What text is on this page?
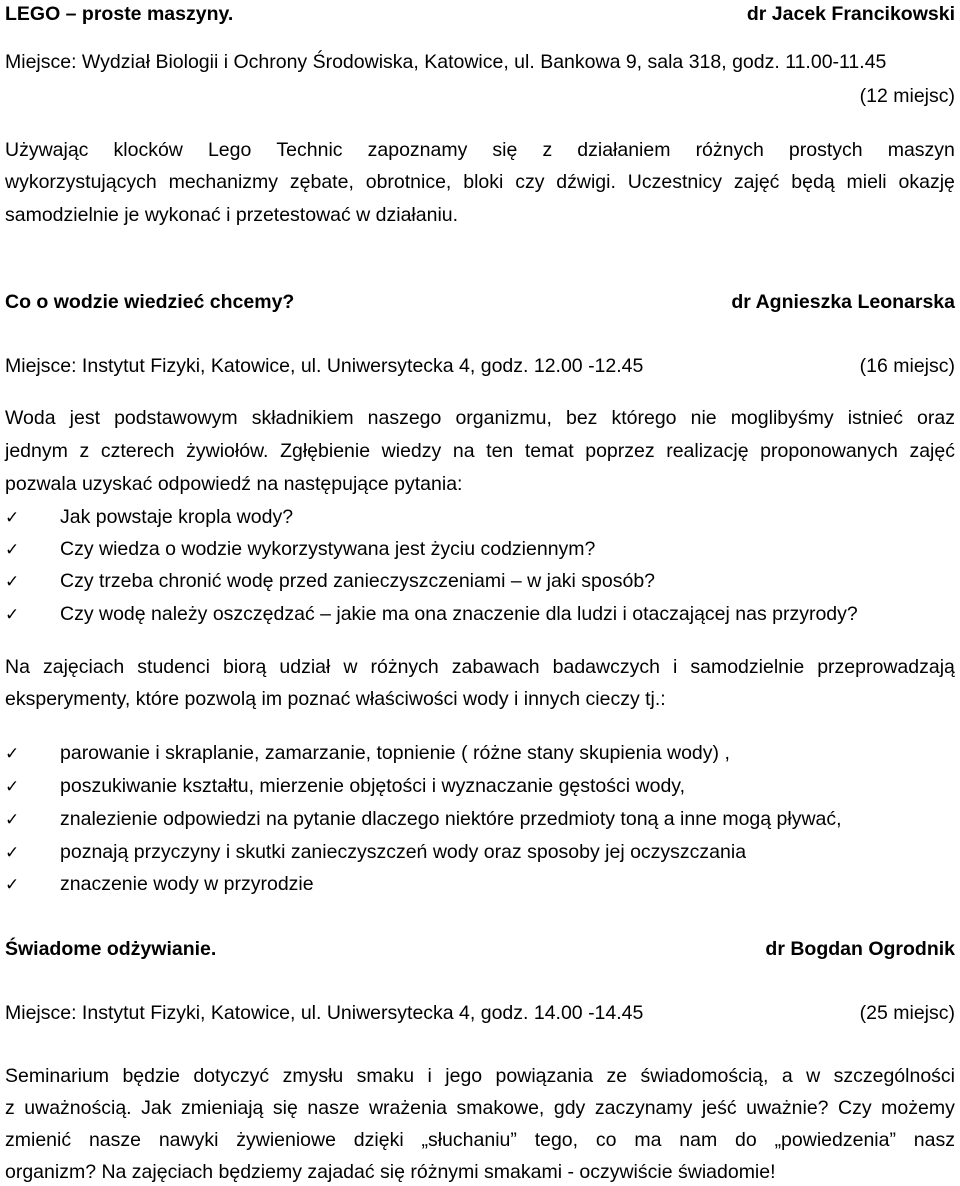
LEGO – proste maszyny.	dr Jacek Francikowski
Miejsce: Wydział Biologii i Ochrony Środowiska, Katowice, ul. Bankowa 9, sala 318, godz. 11.00-11.45
(12 miejsc)
Używając klocków Lego Technic zapoznamy się z działaniem różnych prostych maszyn
wykorzystujących mechanizmy zębate, obrotnice, bloki czy dźwigi. Uczestnicy zajęć będą mieli okazję
samodzielnie je wykonać i przetestować w działaniu.
Co o wodzie wiedzieć chcemy?	dr Agnieszka Leonarska
Miejsce: Instytut Fizyki, Katowice, ul. Uniwersytecka 4, godz. 12.00 -12.45	(16 miejsc)
Woda jest podstawowym składnikiem naszego organizmu, bez którego nie moglibyśmy istnieć oraz
jednym z czterech żywiołów. Zgłębienie wiedzy na ten temat poprzez realizację proponowanych zajęć
pozwala uzyskać odpowiedź na następujące pytania:
✓ Jak powstaje kropla wody?
✓ Czy wiedza o wodzie wykorzystywana jest życiu codziennym?
✓ Czy trzeba chronić wodę przed zanieczyszczeniami – w jaki sposób?
✓ Czy wodę należy oszczędzać – jakie ma ona znaczenie dla ludzi i otaczającej nas przyrody?
Na zajęciach studenci biorą udział w różnych zabawach badawczych i samodzielnie przeprowadzają
eksperymenty, które pozwolą im poznać właściwości wody i innych cieczy tj.:
✓ parowanie i skraplanie, zamarzanie, topnienie ( różne stany skupienia wody) ,
✓ poszukiwanie kształtu, mierzenie objętości i wyznaczanie gęstości wody,
✓ znalezienie odpowiedzi na pytanie dlaczego niektóre przedmioty toną a inne mogą pływać,
✓ poznają przyczyny i skutki zanieczyszczeń wody oraz sposoby jej oczyszczania
✓ znaczenie wody w przyrodzie
Świadome odżywianie.	dr Bogdan Ogrodnik
Miejsce: Instytut Fizyki, Katowice, ul. Uniwersytecka 4, godz. 14.00 -14.45	(25 miejsc)
Seminarium będzie dotyczyć zmysłu smaku i jego powiązania ze świadomością, a w szczególności
z uważnością. Jak zmieniają się nasze wrażenia smakowe, gdy zaczynamy jeść uważnie? Czy możemy
zmienić nasze nawyki żywieniowe dzięki „słuchaniu” tego, co ma nam do „powiedzenia” nasz
organizm? Na zajęciach będziemy zajadać się różnymi smakami - oczywiście świadomie!
